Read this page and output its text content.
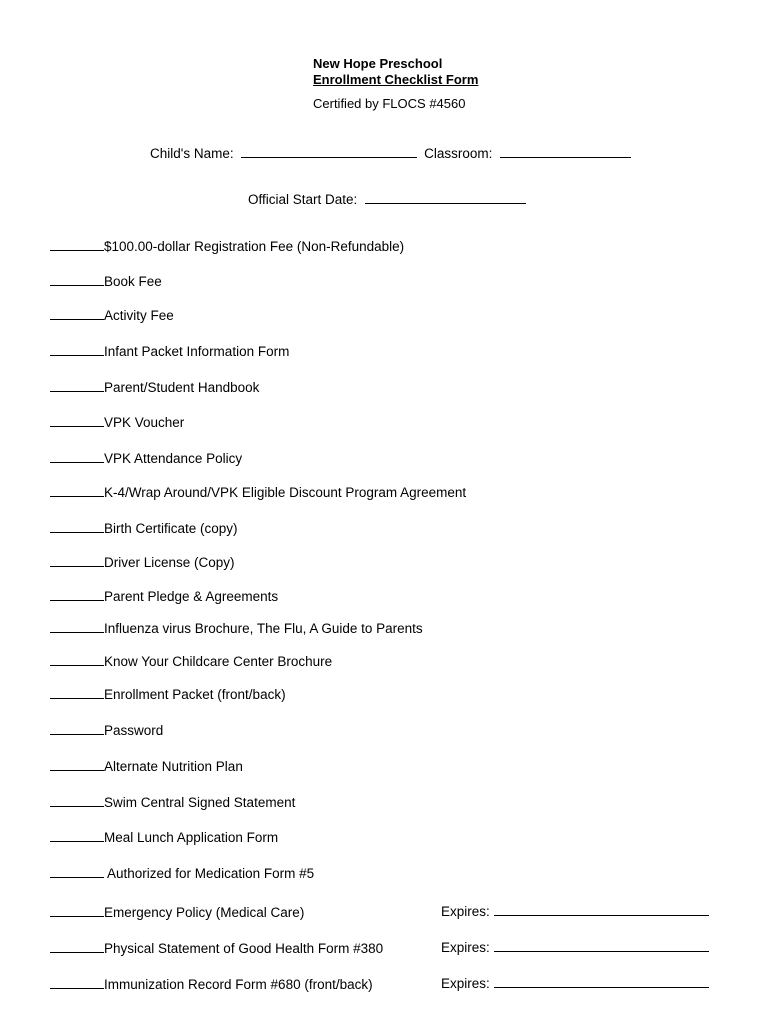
New Hope Preschool
Enrollment Checklist Form
Certified by FLOCS #4560
Child's Name:	Classroom:
Official Start Date:
$100.00-dollar Registration Fee (Non-Refundable)
Book Fee
Activity Fee
Infant Packet Information Form
Parent/Student Handbook
VPK Voucher
VPK Attendance Policy
K-4/Wrap Around/VPK Eligible Discount Program Agreement
Birth Certificate (copy)
Driver License (Copy)
Parent Pledge & Agreements
Influenza virus Brochure, The Flu, A Guide to Parents
Know Your Childcare Center Brochure
Enrollment Packet (front/back)
Password
Alternate Nutrition Plan
Swim Central Signed Statement
Meal Lunch Application Form
Authorized for Medication Form #5
Emergency Policy (Medical Care)
Physical Statement of Good Health Form #380
Immunization Record Form #680 (front/back)
Expires:
Expires:
Expires:
